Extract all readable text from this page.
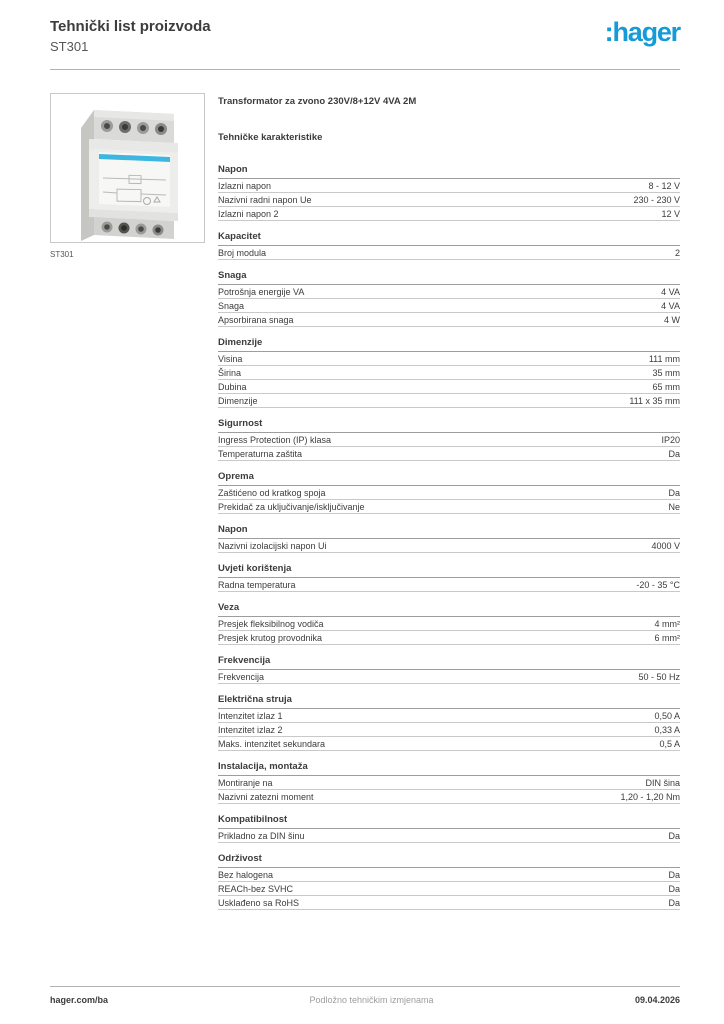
Tehnički list proizvoda
ST301	:hager
ST301
Transformator za zvono 230V/8+12V 4VA 2M
Tehničke karakteristike
Napon
Izlazni napon	8 - 12 V
Nazivni radni napon Ue	230 - 230 V
Izlazni napon 2	12 V
Kapacitet
Broj modula	2
Snaga
Potrošnja energije VA	4 VA
Snaga	4 VA
Apsorbirana snaga	4 W
Dimenzije
Visina	111 mm
Širina	35 mm
Dubina	65 mm
Dimenzije	111 x 35 mm
Sigurnost
Ingress Protection (IP) klasa	IP20
Temperaturna zaštita	Da
Oprema
Zaštićeno od kratkog spoja	Da
Prekidač za uključivanje/isključivanje	Ne
Napon
Nazivni izolacijski napon Ui	4000 V
Uvjeti korištenja
Radna temperatura	-20 - 35 °C
Veza
Presjek fleksibilnog vodiča	4 mm²
Presjek krutog provodnika	6 mm²
Frekvencija
Frekvencija	50 - 50 Hz
Električna struja
Intenzitet izlaz 1	0,50 A
Intenzitet izlaz 2	0,33 A
Maks. intenzitet sekundara	0,5 A
Instalacija, montaža
Montiranje na	DIN šina
Nazivni zatezni moment	1,20 - 1,20 Nm
Kompatibilnost
Prikladno za DIN šinu	Da
Održivost
Bez halogena	Da
REACh-bez SVHC	Da
Usklađeno sa RoHS	Da
hager.com/ba	Podložno tehničkim izmjenama	09.04.2026
